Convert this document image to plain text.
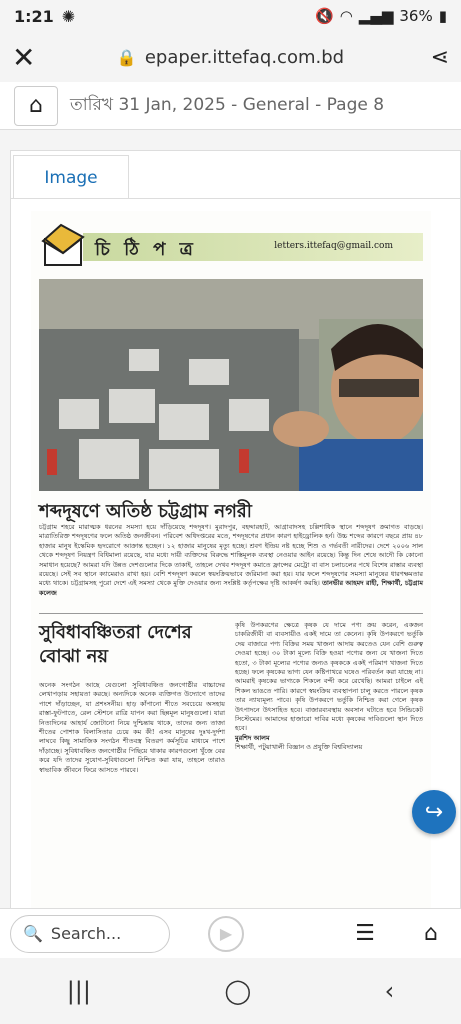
1:21 ✺	🔇 ◠ ▂▄▆ 36% ▮
✕	🔒 epaper.ittefaq.com.bd	⋖
⌂ তারিখ 31 Jan, 2025 - General - Page 8
Image
চি ঠি প ত্র	letters.ittefaq@gmail.com
শব্দদূষণে অতিষ্ঠ চট্টগ্রাম নগরী
চট্টগ্রাম শহরে মারাত্মক ধরনের সমস্যা হয়ে দাঁড়িয়েছে শব্দদূষণ। মুরাদপুর, বহদ্দারহাট, আগ্রাবাদসহ চল্লিশাধিক স্থানে শব্দদূষণ ক্রমাগত বাড়ছে। মাত্রাতিরিক্ত শব্দদূষণের ফলে অতিষ্ঠ জনজীবন। পরিবেশ অধিদপ্তরের মতে, শব্দদূষণের প্রধান কারণ হাইড্রোলিক হর্ন। উচ্চ শব্দের কারণে বছরে প্রায় ৪৮ হাজার মানুষ ইস্কেমিক হৃদরোগে আক্রান্ত হচ্ছেন। ১২ হাজার মানুষের মৃত্যু হচ্ছে। শ্রবণ ইন্দ্রিয় নষ্ট হচ্ছে শিশু ও গর্ভবতী নারীদের। দেশে ২০০৬ সাল থেকে শব্দদূষণ নিয়ন্ত্রণ বিধিমালা রয়েছে, যার মধ্যে দায়ী ব্যক্তিদের বিরুদ্ধে শাস্তিমূলক ব্যবস্থা নেওয়ার আইন রয়েছে। কিন্তু দিন শেষে আদৌ কি কোনো সমাধান হয়েছে? আমরা যদি উন্নত দেশগুলোর দিকে তাকাই, তাহলে দেখব শব্দদূষণ কমাতে ফ্রান্সের মেট্রো বা বাস চলাচলের পথে বিশেষ রাস্তার ব্যবস্থা রয়েছে। সেই সব স্থানে ক্যামেরাও রাখা হয়। বেশি শব্দদূষণ করলে স্বয়ংক্রিয়ভাবে জরিমানা করা হয়। যার ফলে শব্দদূষণের সমস্যা মানুষের ধারণক্ষমতার মধ্যে থাকে। চট্টগ্রামসহ পুরো দেশে এই সমস্যা থেকে মুক্তি দেওয়ার জন্য সংশ্লিষ্ট কর্তৃপক্ষের দৃষ্টি আকর্ষণ করছি। তানভীর আহমদ রাহী, শিক্ষার্থী, চট্টগ্রাম কলেজ
সুবিধাবঞ্চিতরা দেশের বোঝা নয়
অনেক সংগঠন আছে যেগুলো সুবিধাবঞ্চিত জনগোষ্ঠীর বাচ্চাদের লেখাপড়ায় সহায়তা করছে। অন্যদিকে অনেক ব্যক্তিগত উদ্যোগে তাদের পাশে দাঁড়াচ্ছেন, যা প্রশংসনীয়। হাড় কাঁপানো শীতে সবচেয়ে অসহায় রাস্তা-ফুটপাতে, রেল স্টেশনে রাত্রি যাপন করা ছিন্নমূল মানুষগুলো। যারা নিত্যদিনের আহার্য জোটানো নিয়ে দুশ্চিন্তায় থাকে, তাদের জন্য তাজা শীতের পোশাক বিলাসিতার চেয়ে কম কী! এসব মানুষের দুঃখ-দুর্দশা লাঘবে কিছু সামাজিক সংগঠন শীতবস্ত্র বিতরণ কর্মসূচির মাধ্যমে পাশে দাঁড়াচ্ছে। সুবিধাবঞ্চিত জনগোষ্ঠীর পিছিয়ে থাকার কারণগুলো খুঁজে বের করে যদি তাদের সুযোগ-সুবিধাগুলো নিশ্চিত করা যায়, তাহলে তারাও স্বাভাবিক জীবনে ফিরে আসতে পারবে।
কৃষি উপকরণের ক্ষেত্রে কৃষক যে দামে পণ্য ক্রয় করেন, একজন চাকরিজীবী বা ব্যবসায়ীও একই দামে তা কেনেন। কৃষি উপকরণে ভর্তুকি দেয় বাজারে পণ্য বিক্রির সময় খাজনা আদায় করতেও যেন বেশি গুরুত্ব দেওয়া হচ্ছে। ৩০ টাকা মূল্যে বিক্রি হওয়া পণ্যের জন্য যে খাজনা দিতে হতো, ৩ টাকা মূল্যের পণ্যের জন্যও কৃষককে একই পরিমাণ খাজনা দিতে হচ্ছে। ফলে কৃষকের ভাগ্য যেন কষ্টিপাথরে ঘষেও পরিবর্তন করা যাচ্ছে না। আমরাই কৃষকের ভাগ্যকে শিকলে বন্দী করে রেখেছি। আমরা চাইলে এই শিকল ভাঙতে পারি। কারণে স্বয়ংক্রিয় ব্যবস্থাপনা চালু করতে পারলে কৃষক তার ন্যায্যমূল্য পাবে। কৃষি উপকরণে ভর্তুকি নিশ্চিত করা গেলে কৃষক উৎপাদনে উৎসাহিত হবে। বাজারব্যবস্থায় অবসান ঘটাতে হবে সিন্ডিকেট সিস্টেমের। আমাদের হাজারো দাবির মধ্যে কৃষকের দাবিগুলো স্থান দিতে হবে।
মুরশিদ আলম
শিক্ষার্থী, পটুয়াখালী বিজ্ঞান ও প্রযুক্তি বিশ্ববিদ্যালয়
↪
🔍 Search...	▶	☰	⌂
|||	◯	‹
